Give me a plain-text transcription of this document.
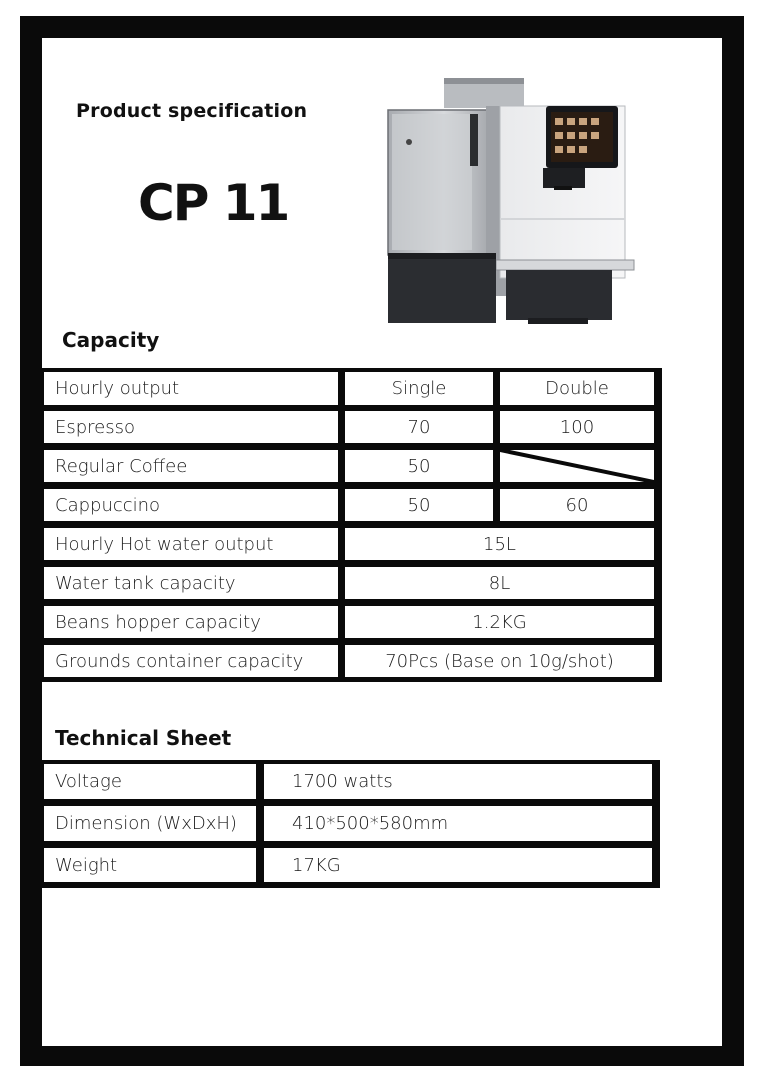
Product specification
CP 11
Capacity
Hourly output	Single	Double
Espresso	70	100
Regular Coffee	50
Cappuccino	50	60
Hourly Hot water output	15L
Water tank capacity	8L
Beans hopper capacity	1.2KG
Grounds container capacity	70Pcs (Base on 10g/shot)
Technical Sheet
Voltage	1700 watts
Dimension (WxDxH)	410*500*580mm
Weight	17KG
